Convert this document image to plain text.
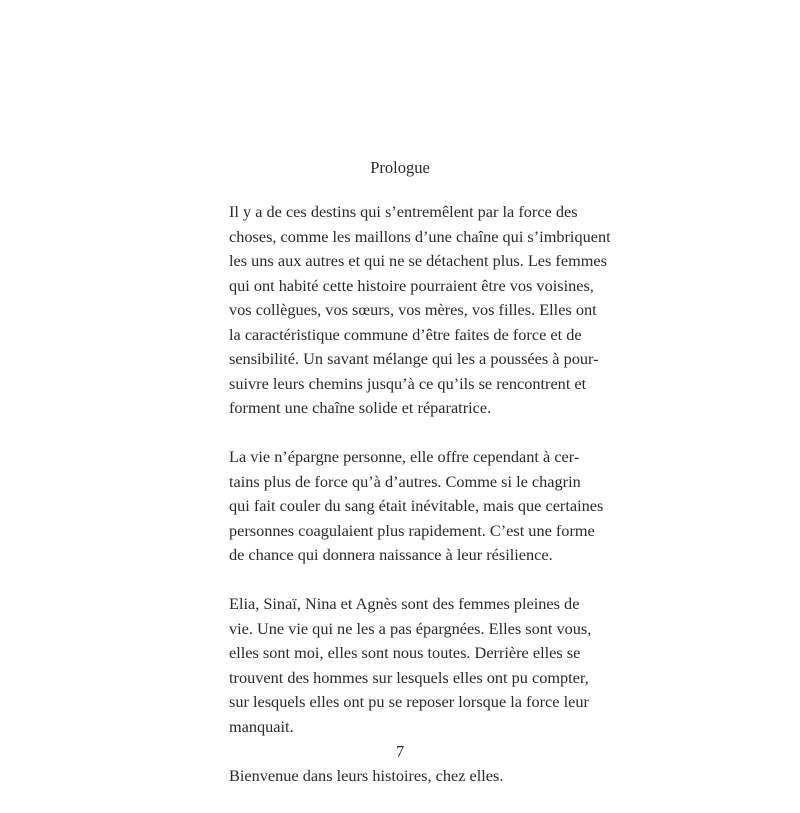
Prologue

Il y a de ces destins qui s’entremêlent par la force des
choses, comme les maillons d’une chaîne qui s’imbriquent
les uns aux autres et qui ne se détachent plus. Les femmes
qui ont habité cette histoire pourraient être vos voisines,
vos collègues, vos sœurs, vos mères, vos filles. Elles ont
la caractéristique commune d’être faites de force et de
sensibilité. Un savant mélange qui les a poussées à pour-
suivre leurs chemins jusqu’à ce qu’ils se rencontrent et
forment une chaîne solide et réparatrice.

La vie n’épargne personne, elle offre cependant à cer-
tains plus de force qu’à d’autres. Comme si le chagrin
qui fait couler du sang était inévitable, mais que certaines
personnes coagulaient plus rapidement. C’est une forme
de chance qui donnera naissance à leur résilience.

Elia, Sinaï, Nina et Agnès sont des femmes pleines de
vie. Une vie qui ne les a pas épargnées. Elles sont vous,
elles sont moi, elles sont nous toutes. Derrière elles se
trouvent des hommes sur lesquels elles ont pu compter,
sur lesquels elles ont pu se reposer lorsque la force leur
manquait.

Bienvenue dans leurs histoires, chez elles.

7
